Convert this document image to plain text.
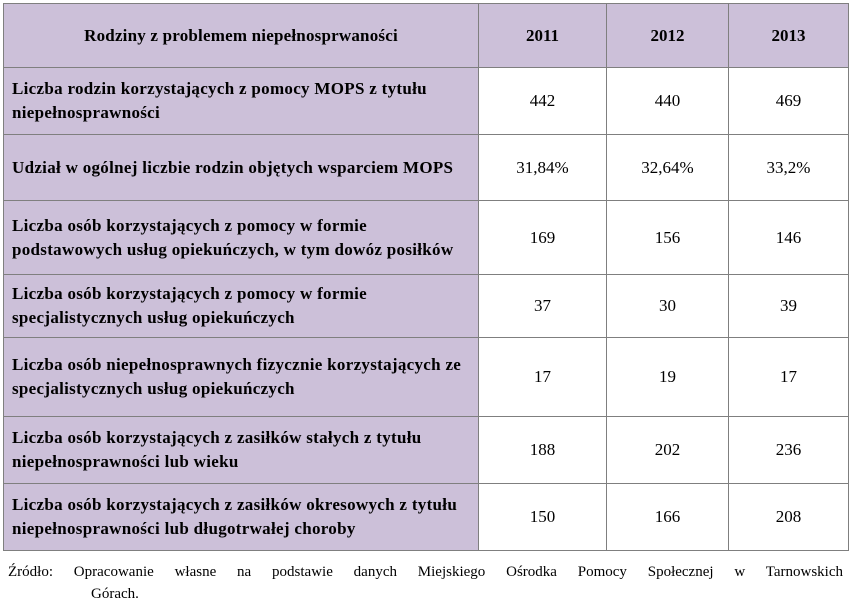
Rodziny z problemem niepełnosprwaności	2011	2012	2013
Liczba rodzin korzystających z pomocy MOPS z tytułu niepełnosprawności	442	440	469
Udział w ogólnej liczbie rodzin objętych wsparciem MOPS	31,84%	32,64%	33,2%
Liczba osób korzystających z pomocy w formie podstawowych usług opiekuńczych, w tym dowóz posiłków	169	156	146
Liczba osób korzystających z pomocy w formie specjalistycznych usług opiekuńczych	37	30	39
Liczba osób niepełnosprawnych fizycznie korzystających ze specjalistycznych usług opiekuńczych	17	19	17
Liczba osób korzystających z zasiłków stałych z tytułu niepełnosprawności lub wieku	188	202	236
Liczba osób korzystających z zasiłków okresowych z tytułu niepełnosprawności lub długotrwałej choroby	150	166	208
Źródło: Opracowanie własne na podstawie danych Miejskiego Ośrodka Pomocy Społecznej w Tarnowskich
Górach.
